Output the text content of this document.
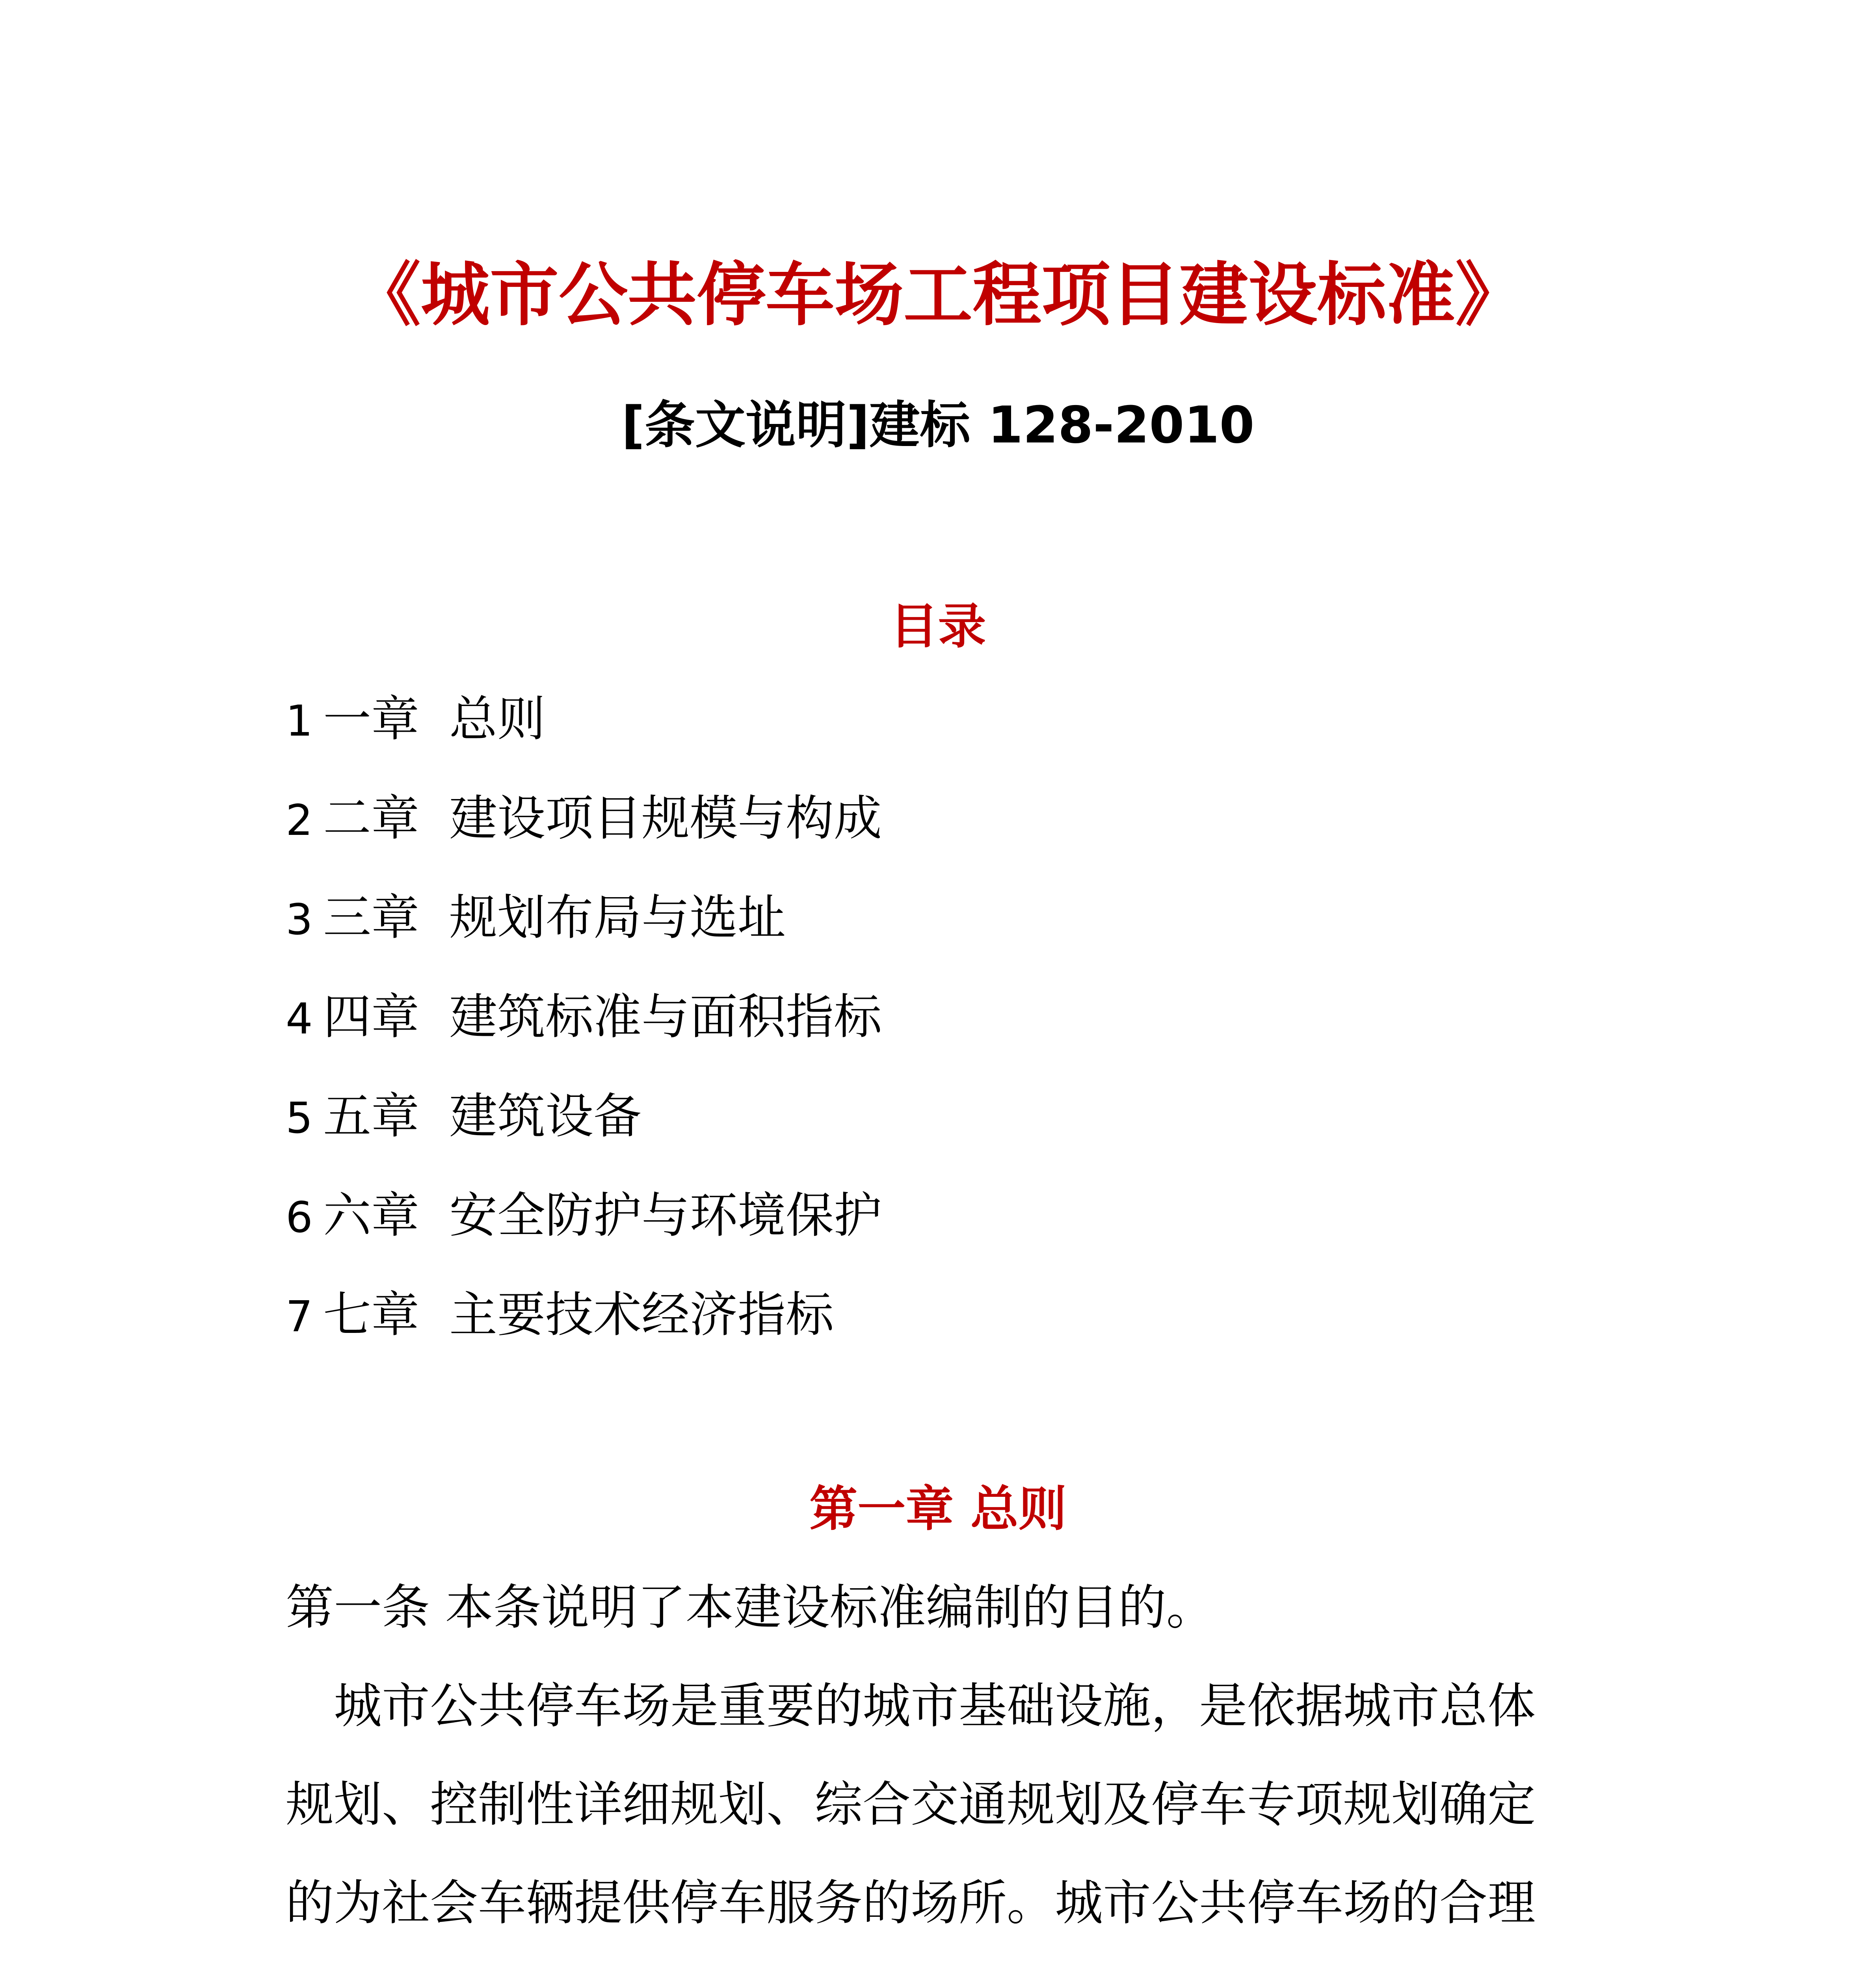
《城市公共停车场工程项目建设标准》
[条文说明]建标 128-2010
目录
1 一章 总则
2 二章 建设项目规模与构成
3 三章 规划布局与选址
4 四章 建筑标准与面积指标
5 五章 建筑设备
6 六章 安全防护与环境保护
7 七章 主要技术经济指标
第一章 总则
第一条 本条说明了本建设标准编制的目的。
城市公共停车场是重要的城市基础设施，是依据城市总体
规划、控制性详细规划、综合交通规划及停车专项规划确定
的为社会车辆提供停车服务的场所。城市公共停车场的合理
